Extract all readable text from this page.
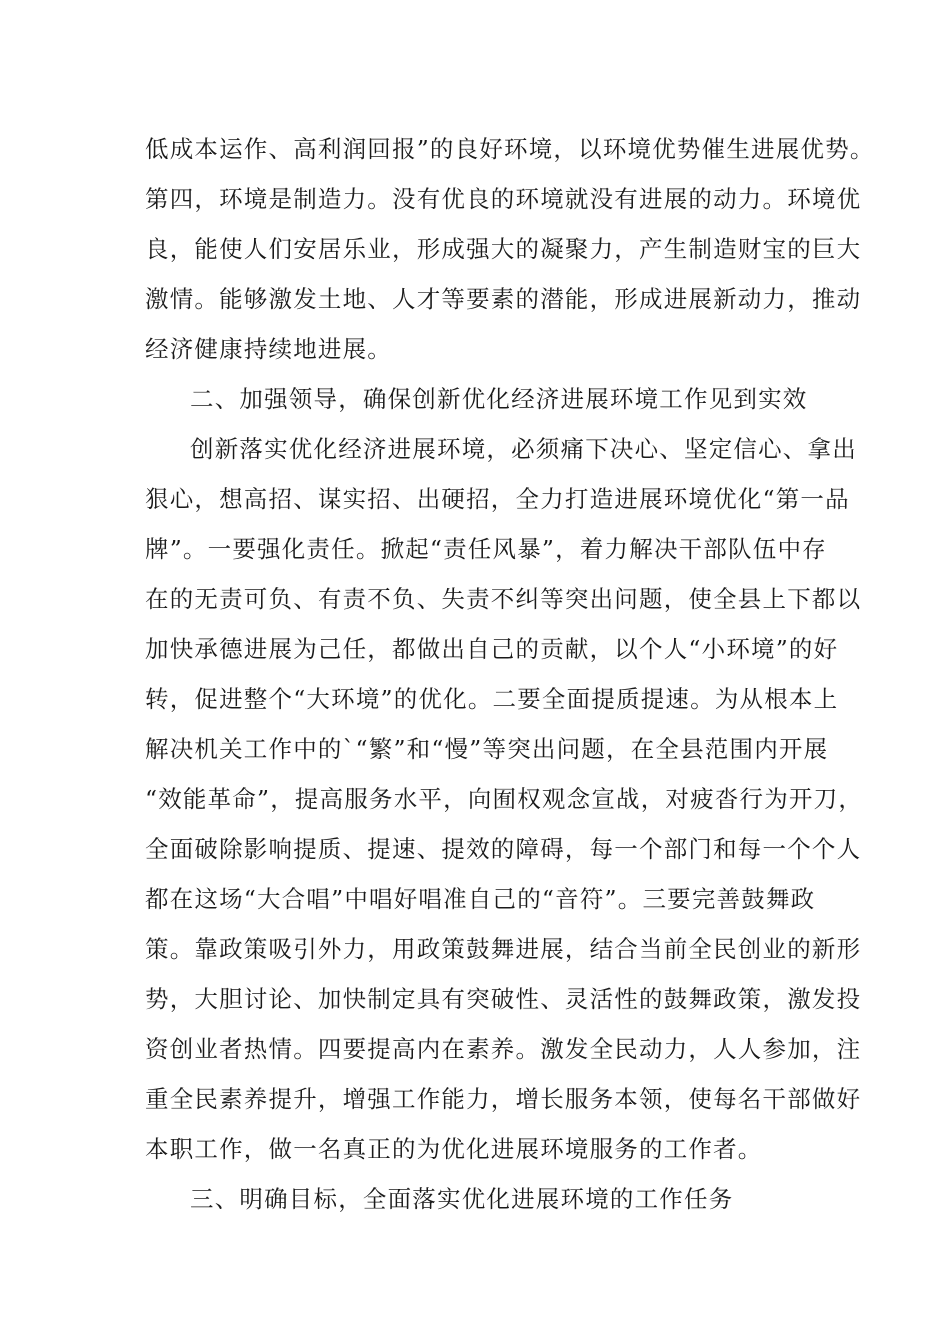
低成本运作、高利润回报”的良好环境，以环境优势催生进展优势。
第四，环境是制造力。没有优良的环境就没有进展的动力。环境优
良，能使人们安居乐业，形成强大的凝聚力，产生制造财宝的巨大
激情。能够激发土地、人才等要素的潜能，形成进展新动力，推动
经济健康持续地进展。
二、加强领导，确保创新优化经济进展环境工作见到实效
创新落实优化经济进展环境，必须痛下决心、坚定信心、拿出
狠心，想高招、谋实招、出硬招，全力打造进展环境优化“第一品
牌”。一要强化责任。掀起“责任风暴”，着力解决干部队伍中存
在的无责可负、有责不负、失责不纠等突出问题，使全县上下都以
加快承德进展为己任，都做出自己的贡献，以个人“小环境”的好
转，促进整个“大环境”的优化。二要全面提质提速。为从根本上
解决机关工作中的`“繁”和“慢”等突出问题，在全县范围内开展
“效能革命”，提高服务水平，向囿权观念宣战，对疲沓行为开刀，
全面破除影响提质、提速、提效的障碍，每一个部门和每一个个人
都在这场“大合唱”中唱好唱准自己的“音符”。三要完善鼓舞政
策。靠政策吸引外力，用政策鼓舞进展，结合当前全民创业的新形
势，大胆讨论、加快制定具有突破性、灵活性的鼓舞政策，激发投
资创业者热情。四要提高内在素养。激发全民动力，人人参加，注
重全民素养提升，增强工作能力，增长服务本领，使每名干部做好
本职工作，做一名真正的为优化进展环境服务的工作者。
三、明确目标，全面落实优化进展环境的工作任务
